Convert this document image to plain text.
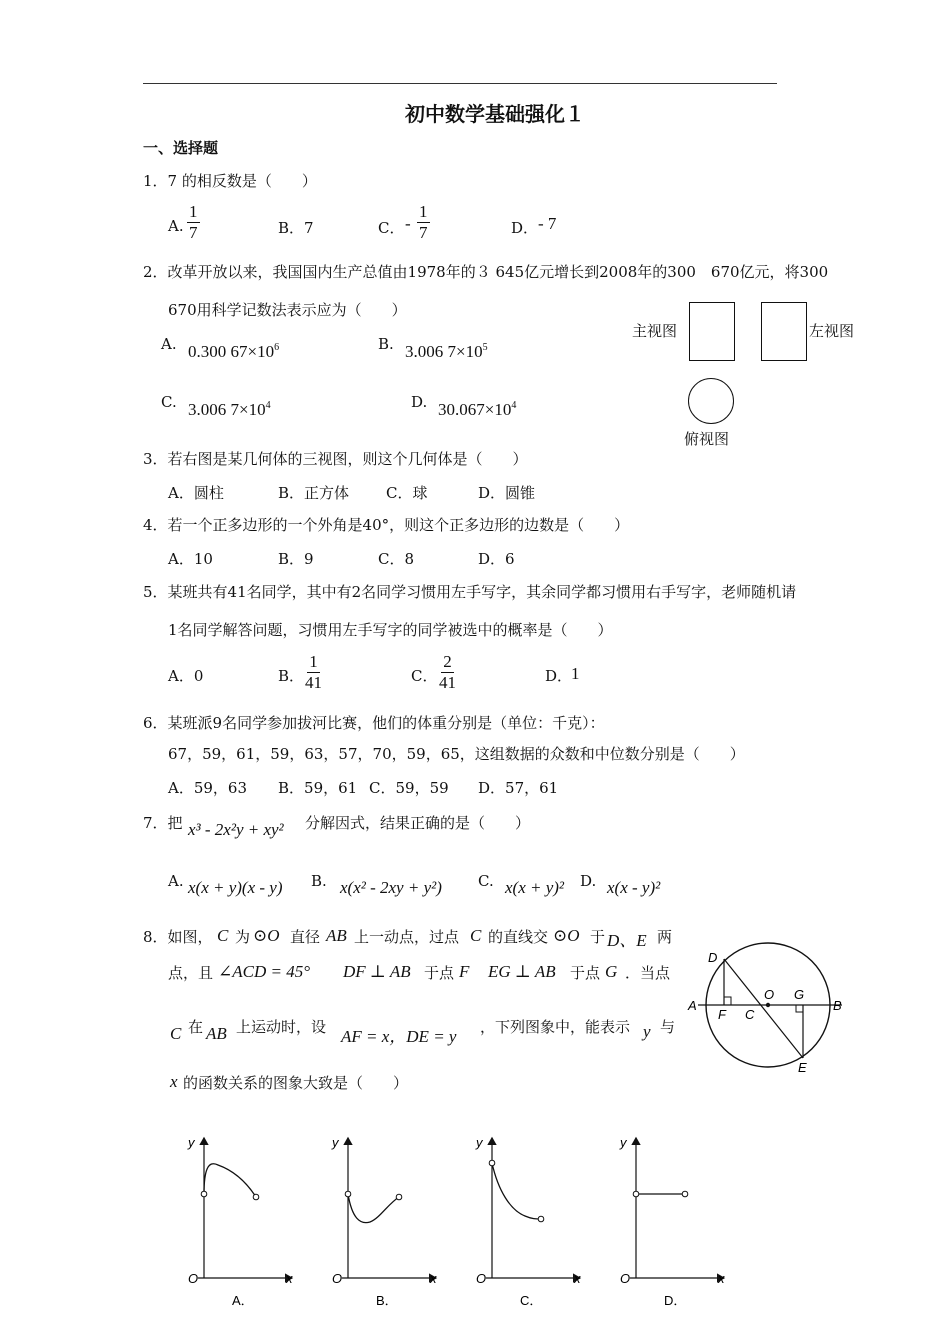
初中数学基础强化１
一、选择题
1．7 的相反数是（　　）
A. $\frac{1}{7}$	B．7	C． - $\frac{1}{7}$	D． - 7
2．改革开放以来，我国国内生产总值由1978年的３ 645亿元增长到2008年的300　670亿元，将300
670用科学记数法表示应为（　　）
A. 0.300 $67\times 10^6$	B. 3.006 $7\times 10^5$
C. 3.006 $7\times 10^4$	D. $30.067\times 10^4$
主视图	左视图
俯视图
3．若右图是某几何体的三视图，则这个几何体是（　　）
A．圆柱	B．正方体 C．球	D．圆锥
4．若一个正多边形的一个外角是40°，则这个正多边形的边数是（　　）
A．10	B．9	C．8	D．6
5．某班共有41名同学，其中有2名同学习惯用左手写字，其余同学都习惯用右手写字，老师随机请
1名同学解答问题，习惯用左手写字的同学被选中的概率是（　　）
A．0	B． $\frac{1}{41}$	C． $\frac{2}{41}$	D．
1
6．某班派9名同学参加拔河比赛，他们的体重分别是（单位：千克）：
67，59，61，59，63，57，70，59，65，这组数据的众数和中位数分别是（　　）
A．59，63 B．59，61 C．59，59 D．57，61
7．把 x³ - 2x²y + xy² 分解因式，结果正确的是（　　）
A. x(x + y)(x - y) B. x(x² - 2xy + y²) C. x(x + y)² D. x(x - y)²
8．如图， C 为 ⊙O 直径 AB 上一动点，过点 C 的直线交 ⊙O 于 D、E 两
点，且 ∠ACD = 45° DF ⊥ AB 于点 F EG ⊥ AB 于点 G ．当点
C 在 AB 上运动时，设 AF = x，DE = y ，下列图象中，能表示 y 与
x 的函数关系的图象大致是（　　）
D
A
O G
B
F C
E
y
O	x
A．
y
O	x
B．
y
O	x
C．
y
O	x
D．
